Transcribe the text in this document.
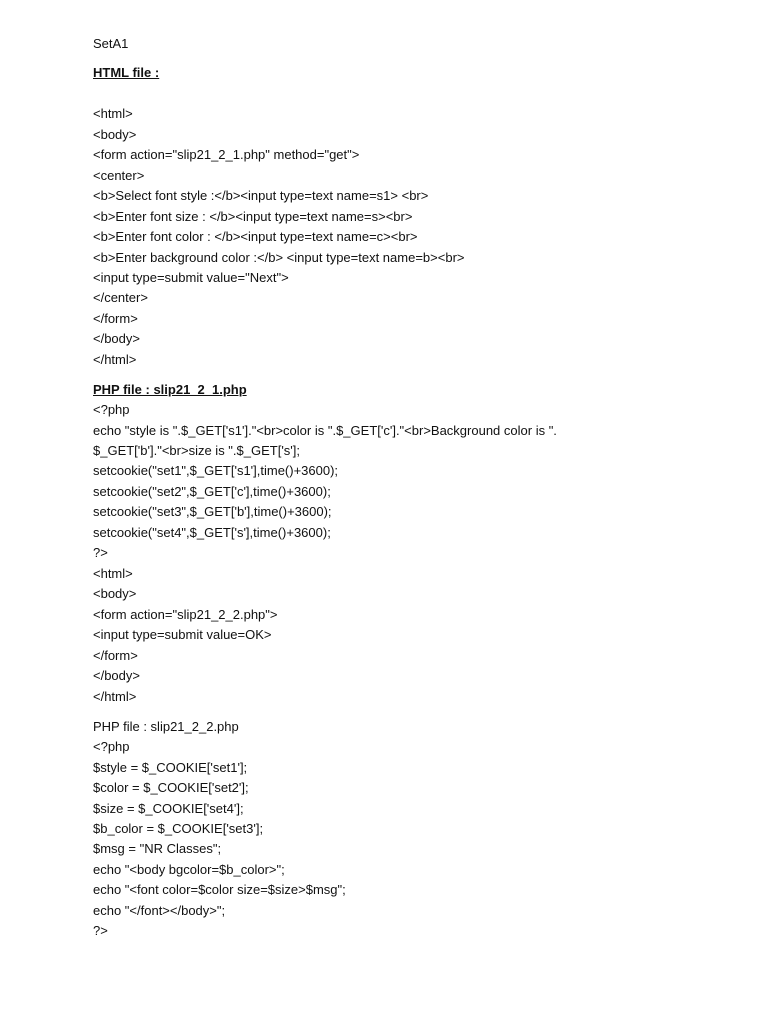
SetA1
HTML file :
<html>
<body>
<form action="slip21_2_1.php" method="get">
<center>
<b>Select font style :</b><input type=text name=s1> <br>
<b>Enter font size : </b><input type=text name=s><br>
<b>Enter font color : </b><input type=text name=c><br>
<b>Enter background color :</b> <input type=text name=b><br>
<input type=submit value="Next">
</center>
</form>
</body>
</html>
PHP file : slip21_2_1.php
<?php
echo "style is ".$_GET['s1']."<br>color is ".$_GET['c']."<br>Background color is ".
$_GET['b']."<br>size is ".$_GET['s'];
setcookie("set1",$_GET['s1'],time()+3600);
setcookie("set2",$_GET['c'],time()+3600);
setcookie("set3",$_GET['b'],time()+3600);
setcookie("set4",$_GET['s'],time()+3600);
?>
<html>
<body>
<form action="slip21_2_2.php">
<input type=submit value=OK>
</form>
</body>
</html>
PHP file : slip21_2_2.php
<?php
$style = $_COOKIE['set1'];
$color = $_COOKIE['set2'];
$size = $_COOKIE['set4'];
$b_color = $_COOKIE['set3'];
$msg = "NR Classes";
echo "<body bgcolor=$b_color>";
echo "<font color=$color size=$size>$msg";
echo "</font></body>";
?>
